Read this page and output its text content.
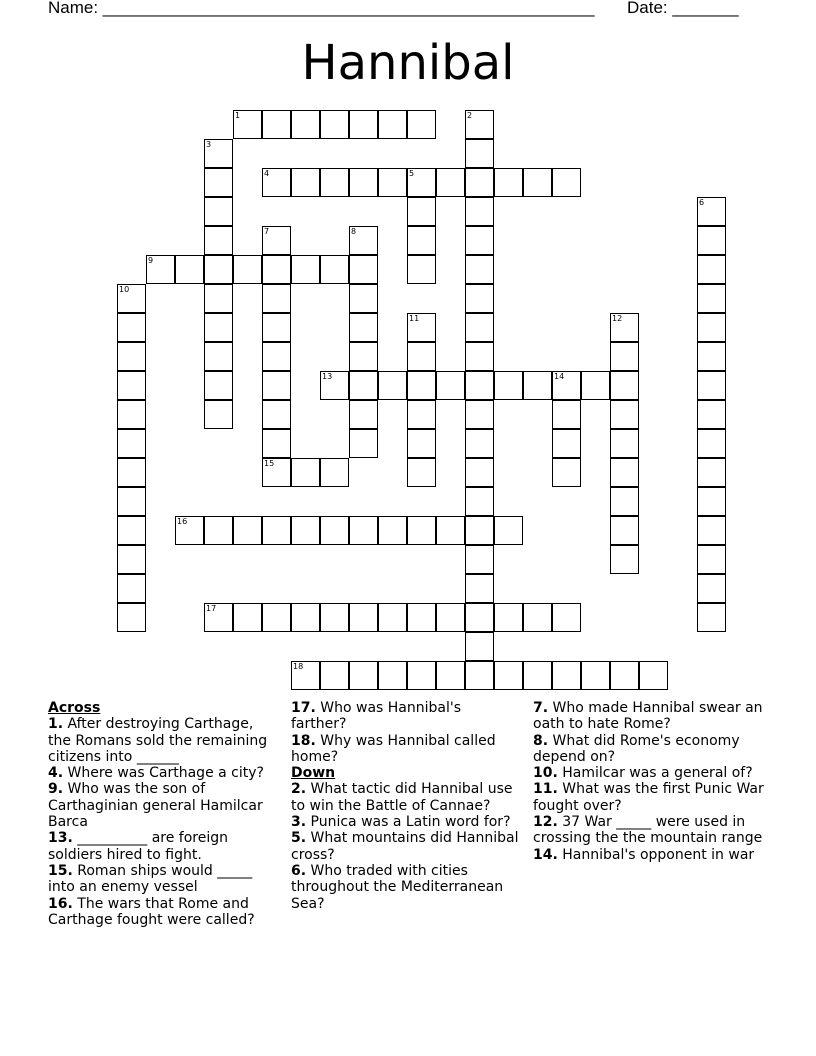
Name: ____________________________________________________ Date: _______
Hannibal
1	2
3
4	5
6
7
15
8
9
10
11	12
13	14
16
17
18
Across
1. After destroying Carthage, the Romans sold the remaining citizens into ______
4. Where was Carthage a city?
9. Who was the son of Carthaginian general Hamilcar Barca
13. __________ are foreign soldiers hired to fight.
15. Roman ships would _____ into an enemy vessel
16. The wars that Rome and Carthage fought were called?
17. Who was Hannibal's farther?
18. Why was Hannibal called home?
Down
2. What tactic did Hannibal use to win the Battle of Cannae?
3. Punica was a Latin word for?
5. What mountains did Hannibal cross?
6. Who traded with cities throughout the Mediterranean Sea?
7. Who made Hannibal swear an oath to hate Rome?
8. What did Rome's economy depend on?
10. Hamilcar was a general of?
11. What was the first Punic War fought over?
12. 37 War _____ were used in crossing the the mountain range
14. Hannibal's opponent in war
